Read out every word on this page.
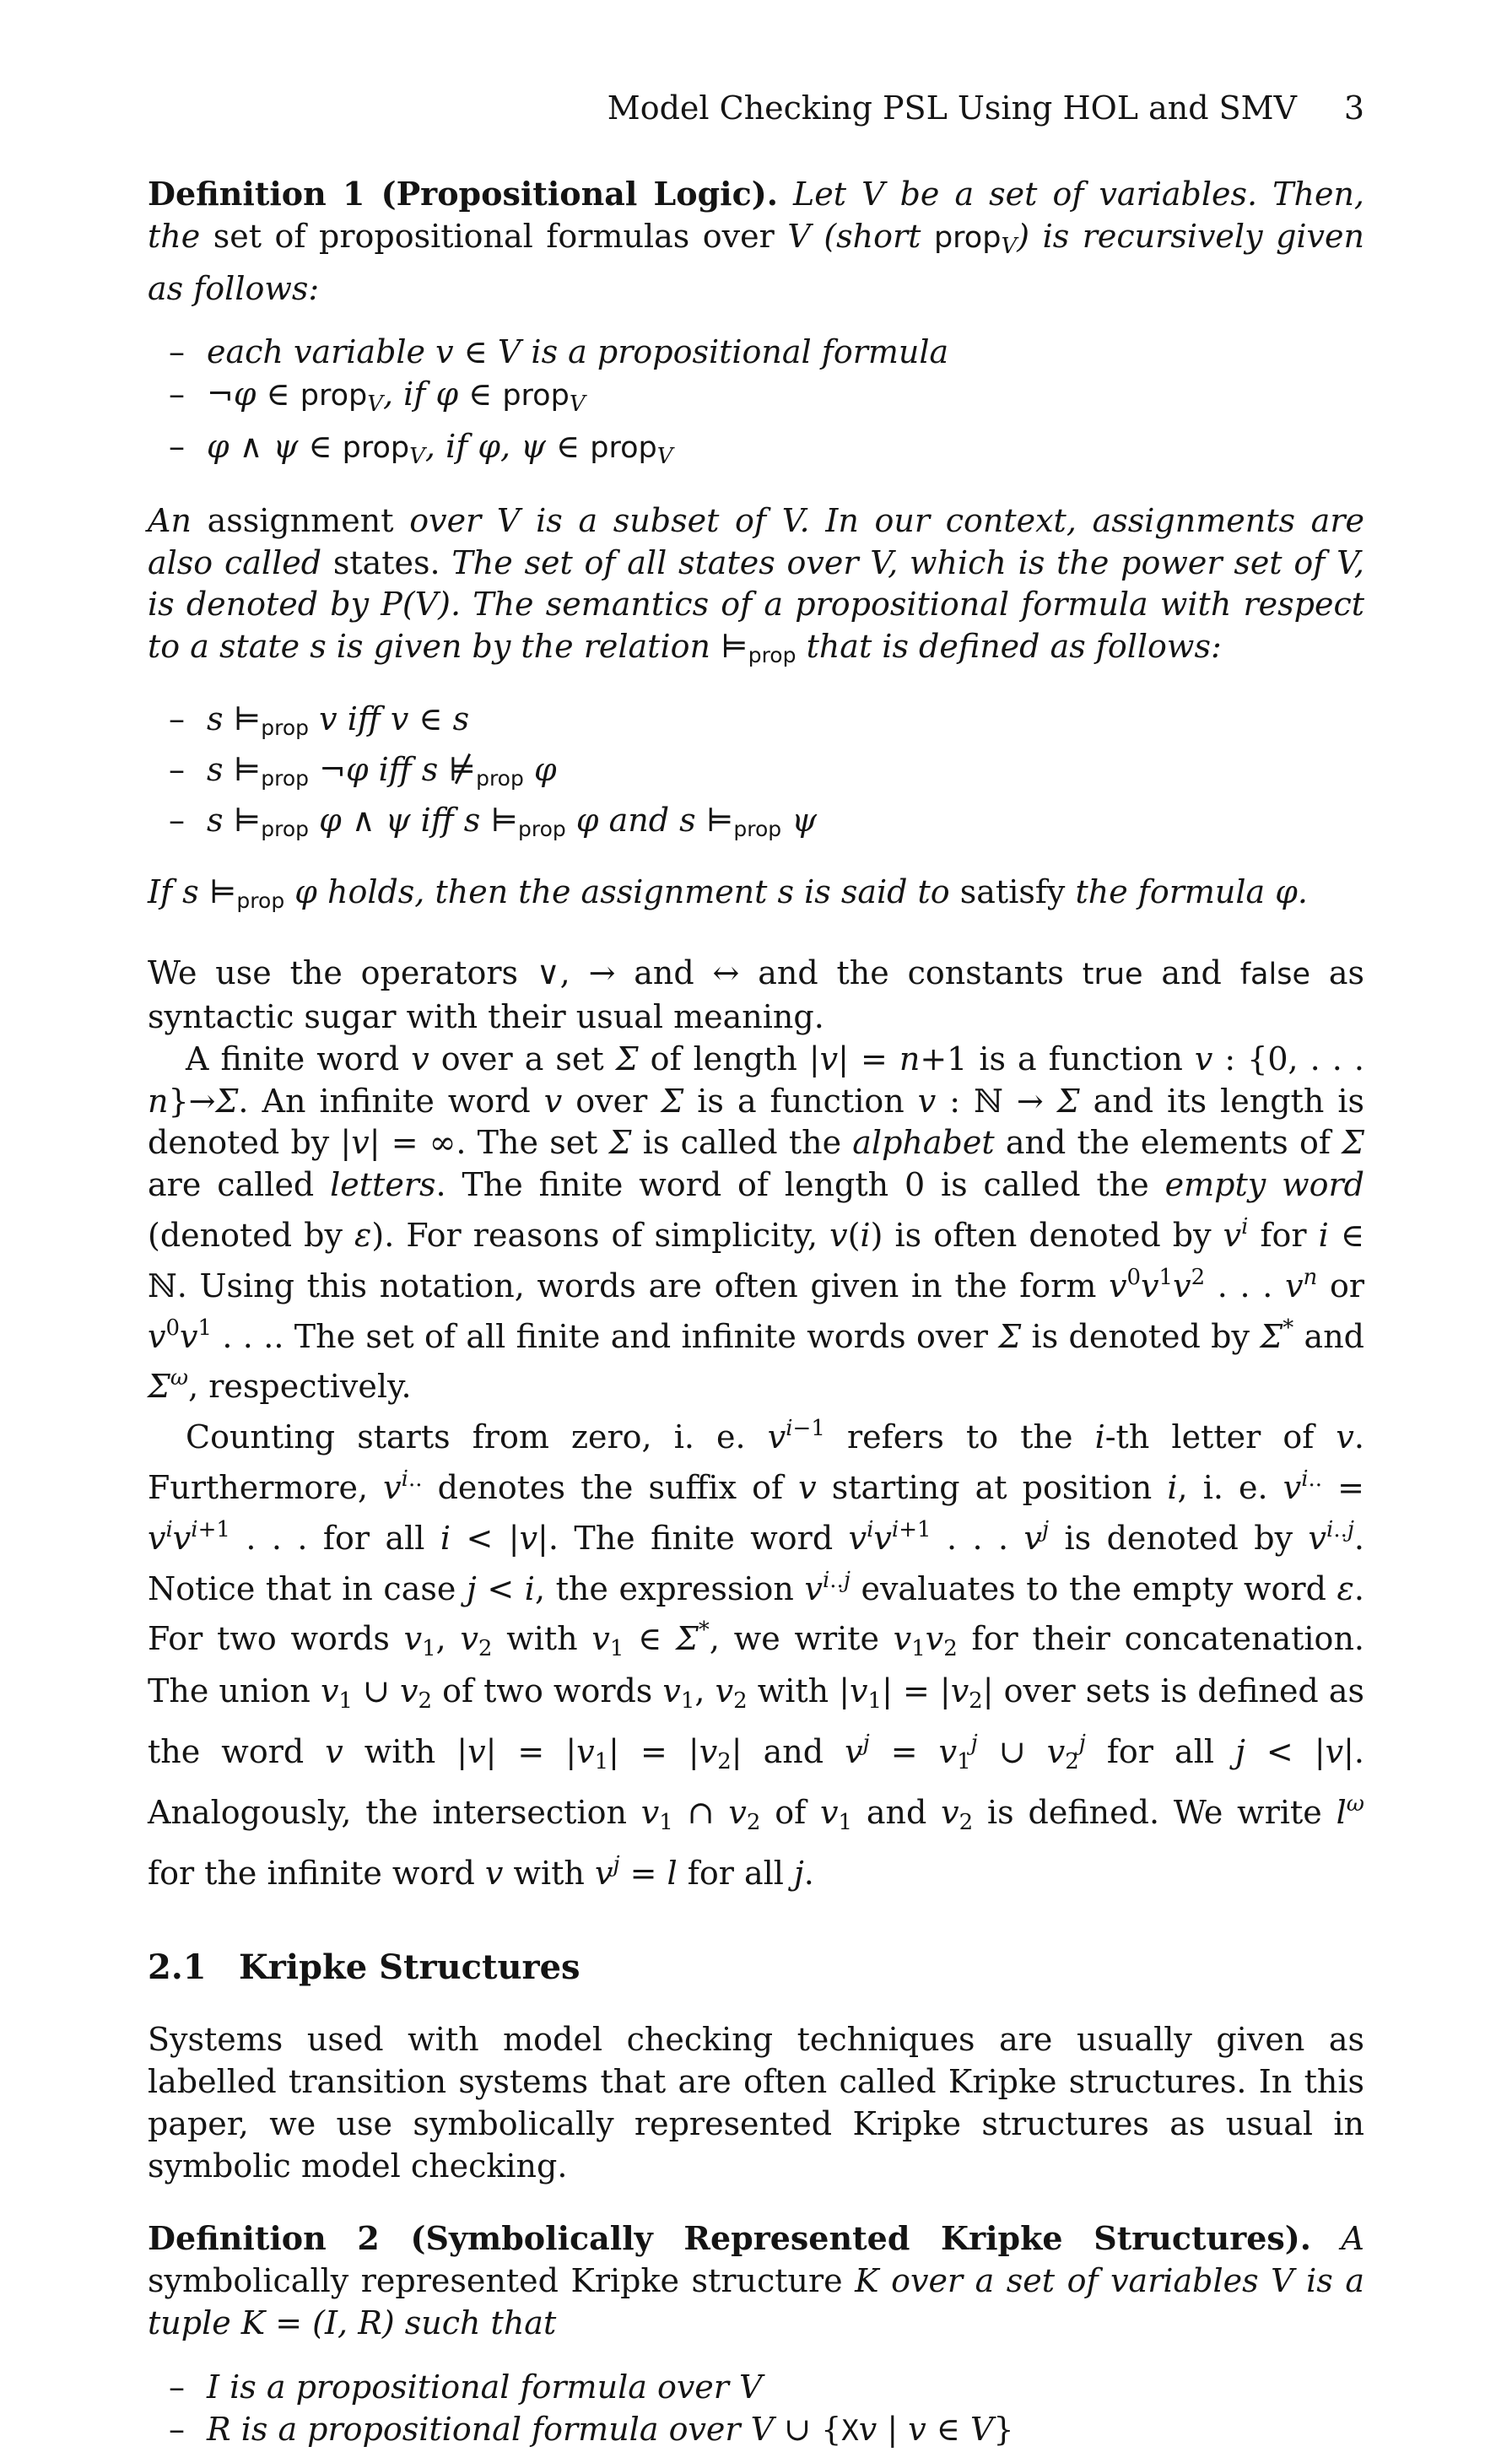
Model Checking PSL Using HOL and SMV 3

Definition 1 (Propositional Logic). Let V be a set of variables. Then, the set of propositional formulas over V (short prop$_V$) is recursively given as follows:

– each variable v ∈ V is a propositional formula
– ¬φ ∈ prop$_V$, if φ ∈ prop$_V$
– φ ∧ ψ ∈ prop$_V$, if φ, ψ ∈ prop$_V$

An assignment over V is a subset of V. In our context, assignments are also called states. The set of all states over V, which is the power set of V, is denoted by P(V). The semantics of a propositional formula with respect to a state s is given by the relation ⊨prop that is defined as follows:

– s ⊨prop v iff v ∈ s
– s ⊨prop ¬φ iff s ⊭prop φ
– s ⊨prop φ ∧ ψ iff s ⊨prop φ and s ⊨prop ψ

If s ⊨prop φ holds, then the assignment s is said to satisfy the formula φ.

We use the operators ∨, → and ↔ and the constants true and false as syntactic sugar with their usual meaning.

A finite word v over a set Σ of length |v| = n+1 is a function v : {0, . . . n}→Σ. An infinite word v over Σ is a function v : ℕ → Σ and its length is denoted by |v| = ∞. The set Σ is called the alphabet and the elements of Σ are called letters. The finite word of length 0 is called the empty word (denoted by ε). For reasons of simplicity, v(i) is often denoted by $v^i$ for i ∈ ℕ. Using this notation, words are often given in the form $v^0v^1v^2$ . . . $v^n$ or $v^0v^1$ . . .. The set of all finite and infinite words over Σ is denoted by Σ* and $\Sigma^\omega$, respectively.

Counting starts from zero, i. e. $v^{i-1}$ refers to the i-th letter of v. Furthermore, $v^{i..}$ denotes the suffix of v starting at position i, i. e. $v^{i..} = v^iv^{i+1}$ . . . for all i < |v|. The finite word $v^iv^{i+1}$ . . . $v^j$ is denoted by $v^{i..j}$. Notice that in case j < i, the expression $v^{i..j}$ evaluates to the empty word ε. For two words $v_1$, $v_2$ with $v_1$ ∈ Σ*, we write $v_1v_2$ for their concatenation. The union $v_1$ ∪ $v_2$ of two words $v_1$, $v_2$ with $|v_1| = |v_2|$ over sets is defined as the word v with $|v| = |v_1| = |v_2|$ and $v^j = v_1^j$ ∪ $v_2^j$ for all j < |v|. Analogously, the intersection $v_1$ ∩ $v_2$ of $v_1$ and $v_2$ is defined. We write $l^\omega$ for the infinite word v with $v^j = l$ for all j.

2.1 Kripke Structures

Systems used with model checking techniques are usually given as labelled transition systems that are often called Kripke structures. In this paper, we use symbolically represented Kripke structures as usual in symbolic model checking.

Definition 2 (Symbolically Represented Kripke Structures). A symbolically represented Kripke structure K over a set of variables V is a tuple K = (I, R) such that

– I is a propositional formula over V
– R is a propositional formula over V ∪ {Xv | v ∈ V}
